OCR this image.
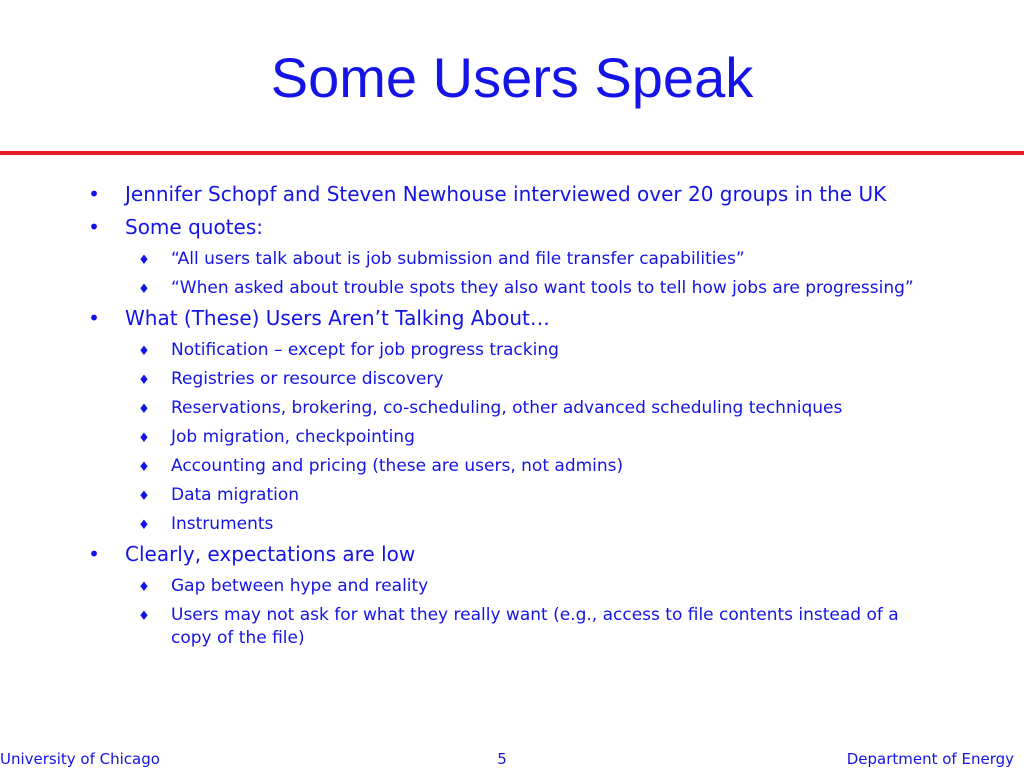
Some Users Speak
• Jennifer Schopf and Steven Newhouse interviewed over 20 groups in the UK
• Some quotes:
♦ “All users talk about is job submission and file transfer capabilities”
♦ “When asked about trouble spots they also want tools to tell how jobs are progressing”
• What (These) Users Aren’t Talking About…
♦ Notification – except for job progress tracking
♦ Registries or resource discovery
♦ Reservations, brokering, co-scheduling, other advanced scheduling techniques
♦ Job migration, checkpointing
♦ Accounting and pricing (these are users, not admins)
♦ Data migration
♦ Instruments
• Clearly, expectations are low
♦ Gap between hype and reality
♦ Users may not ask for what they really want (e.g., access to file contents instead of a copy of the file)
University of Chicago	5	Department of Energy
